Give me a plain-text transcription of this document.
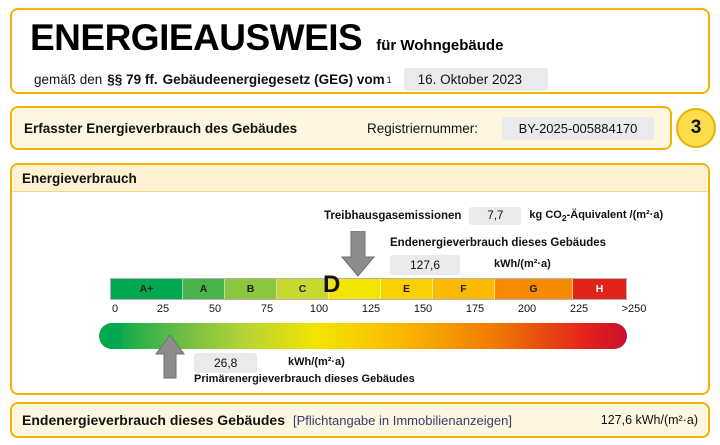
ENERGIEAUSWEIS für Wohngebäude
gemäß den §§ 79 ff. Gebäudeenergiegesetz (GEG) vom 1	16. Oktober 2023
Erfasster Energieverbrauch des Gebäudes	Registriernummer:	BY-2025-005884170	3
Energieverbrauch
Treibhausgasemissionen	7,7	kg $CO_2$-Äquivalent /(m²·a)
Endenergieverbrauch dieses Gebäudes
127,6	kWh/(m²·a)
A+	A	B	C	E	F	G	H
D
0	25	50	75	100	125	150	175	200	225	>250
26,8	kWh/(m²·a)
Primärenergieverbrauch dieses Gebäudes
Endenergieverbrauch dieses Gebäudes [Pflichtangabe in Immobilienanzeigen]	127,6 kWh/(m²·a)
